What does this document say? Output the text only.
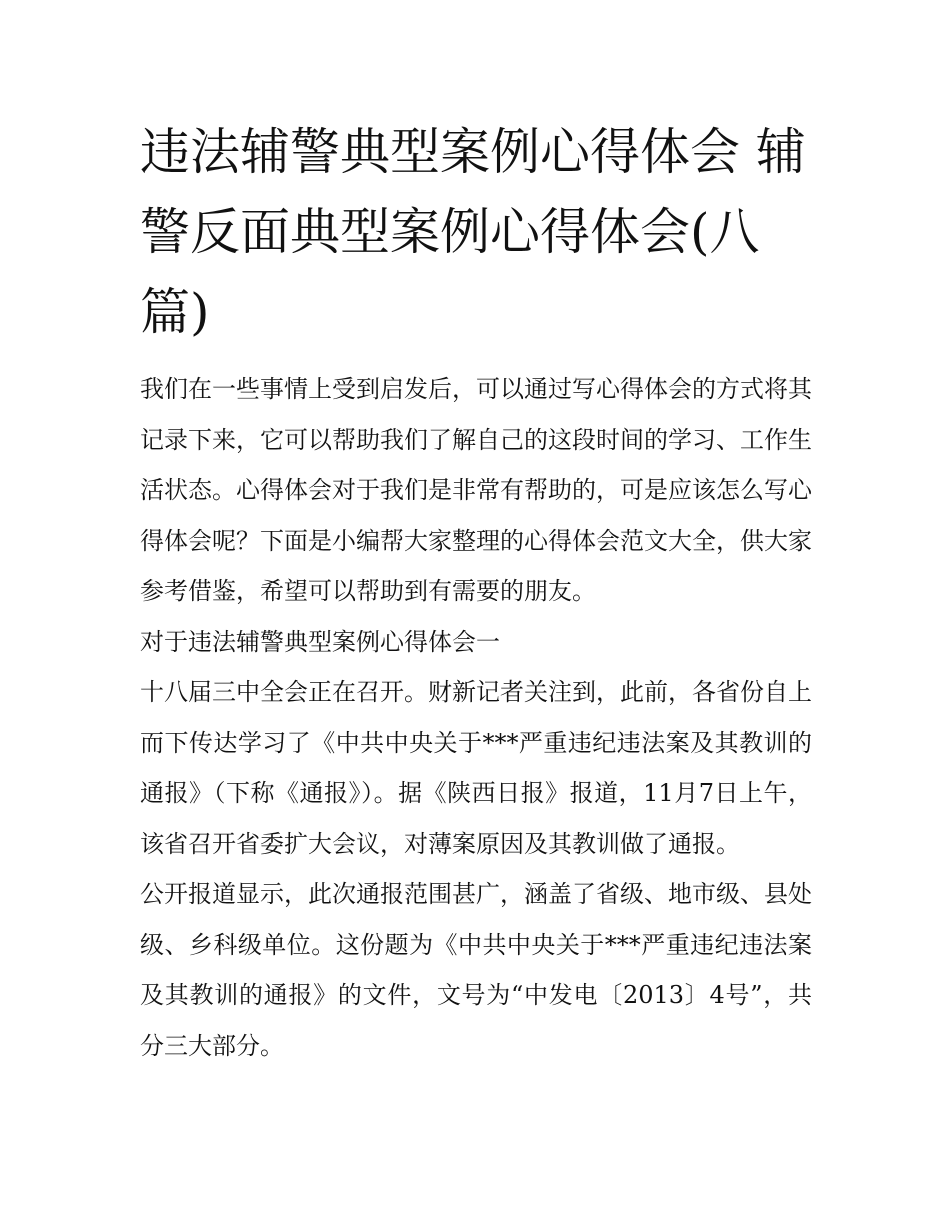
违法辅警典型案例心得体会 辅警反面典型案例心得体会(八篇)

我们在一些事情上受到启发后，可以通过写心得体会的方式将其记录下来，它可以帮助我们了解自己的这段时间的学习、工作生活状态。心得体会对于我们是非常有帮助的，可是应该怎么写心得体会呢？下面是小编帮大家整理的心得体会范文大全，供大家参考借鉴，希望可以帮助到有需要的朋友。

对于违法辅警典型案例心得体会一

十八届三中全会正在召开。财新记者关注到，此前，各省份自上而下传达学习了《中共中央关于***严重违纪违法案及其教训的通报》（下称《通报》）。据《陕西日报》报道，11月7日上午，该省召开省委扩大会议，对薄案原因及其教训做了通报。

公开报道显示，此次通报范围甚广，涵盖了省级、地市级、县处级、乡科级单位。这份题为《中共中央关于***严重违纪违法案及其教训的通报》的文件，文号为“中发电〔2013〕4号”，共分三大部分。
